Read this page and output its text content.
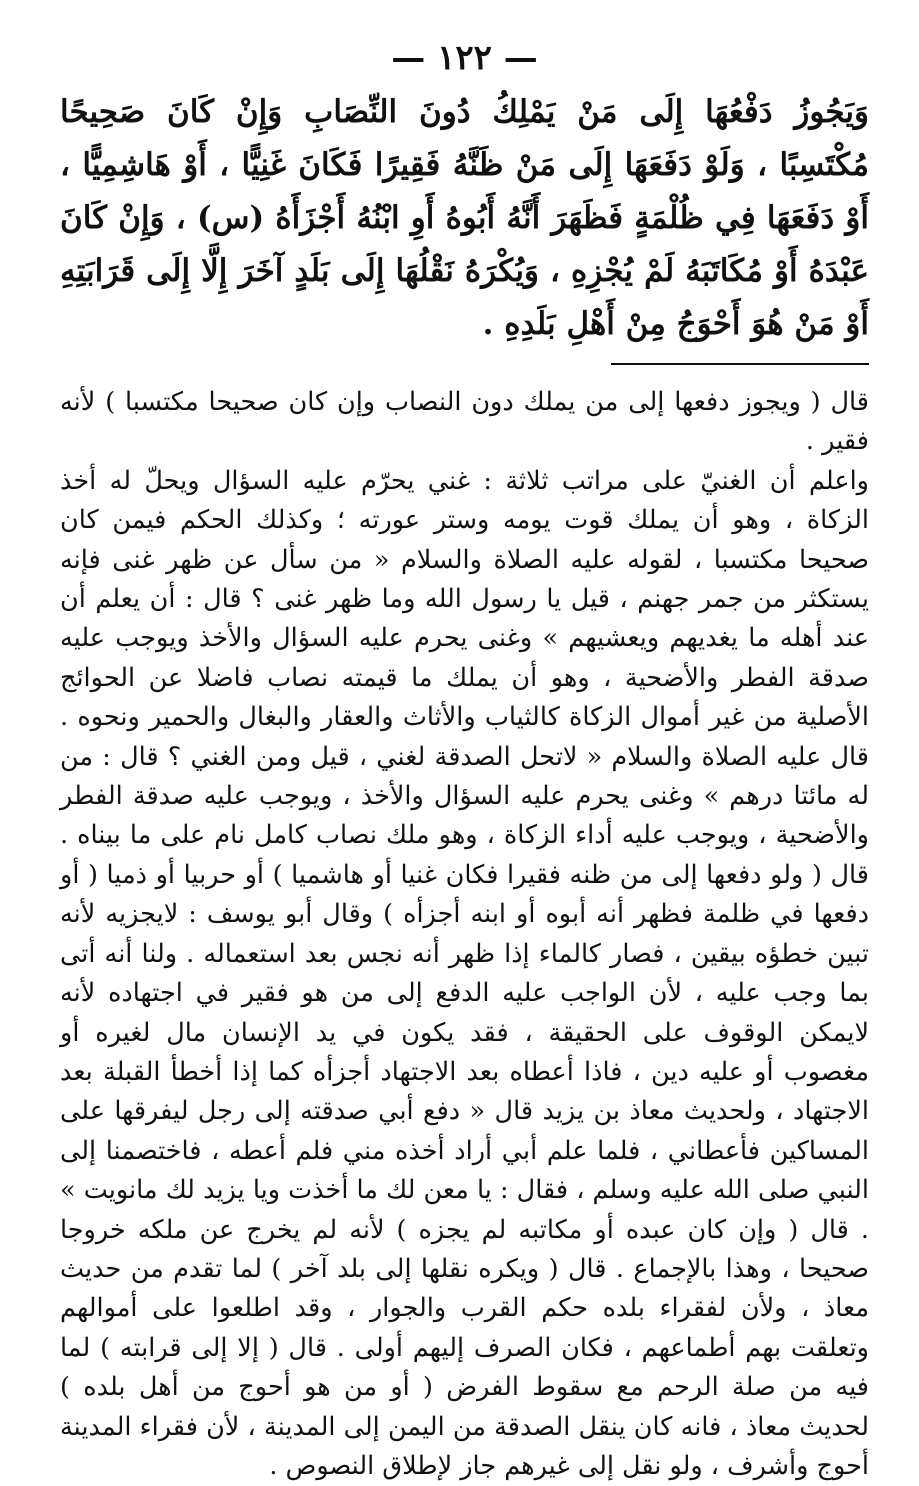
— ١٢٢ —

وَيَجُوزُ دَفْعُهَا إِلَى مَنْ يَمْلِكُ دُونَ النِّصَابِ وَإِنْ كَانَ صَحِيحًا مُكْتَسِبًا ، وَلَوْ دَفَعَهَا إِلَى مَنْ ظَنَّهُ فَقِيرًا فَكَانَ غَنِيًّا ، أَوْ هَاشِمِيًّا ، أَوْ دَفَعَهَا فِي ظُلْمَةٍ فَظَهَرَ أَنَّهُ أَبُوهُ أَوِ ابْنُهُ أَجْزَأَهُ (س) ، وَإِنْ كَانَ عَبْدَهُ أَوْ مُكَاتَبَهُ لَمْ يُجْزِهِ ، وَيُكْرَهُ نَقْلُهَا إِلَى بَلَدٍ آخَرَ إِلَّا إِلَى قَرَابَتِهِ أَوْ مَنْ هُوَ أَحْوَجُ مِنْ أَهْلِ بَلَدِهِ .

قال ( ويجوز دفعها إلى من يملك دون النصاب وإن كان صحيحا مكتسبا ) لأنه فقير .

واعلم أن الغنيّ على مراتب ثلاثة : غني يحرّم عليه السؤال ويحلّ له أخذ الزكاة ، وهو أن يملك قوت يومه وستر عورته ؛ وكذلك الحكم فيمن كان صحيحا مكتسبا ، لقوله عليه الصلاة والسلام « من سأل عن ظهر غنى فإنه يستكثر من جمر جهنم ، قيل يا رسول الله وما ظهر غنى ؟ قال : أن يعلم أن عند أهله ما يغديهم ويعشيهم » وغنى يحرم عليه السؤال والأخذ ويوجب عليه صدقة الفطر والأضحية ، وهو أن يملك ما قيمته نصاب فاضلا عن الحوائج الأصلية من غير أموال الزكاة كالثياب والأثاث والعقار والبغال والحمير ونحوه . قال عليه الصلاة والسلام « لاتحل الصدقة لغني ، قيل ومن الغني ؟ قال : من له مائتا درهم » وغنى يحرم عليه السؤال والأخذ ، ويوجب عليه صدقة الفطر والأضحية ، ويوجب عليه أداء الزكاة ، وهو ملك نصاب كامل نام على ما بيناه . قال ( ولو دفعها إلى من ظنه فقيرا فكان غنيا أو هاشميا ) أو حربيا أو ذميا ( أو دفعها في ظلمة فظهر أنه أبوه أو ابنه أجزأه ) وقال أبو يوسف : لايجزيه لأنه تبين خطؤه بيقين ، فصار كالماء إذا ظهر أنه نجس بعد استعماله . ولنا أنه أتى بما وجب عليه ، لأن الواجب عليه الدفع إلى من هو فقير في اجتهاده لأنه لايمكن الوقوف على الحقيقة ، فقد يكون في يد الإنسان مال لغيره أو مغصوب أو عليه دين ، فاذا أعطاه بعد الاجتهاد أجزأه كما إذا أخطأ القبلة بعد الاجتهاد ، ولحديث معاذ بن يزيد قال « دفع أبي صدقته إلى رجل ليفرقها على المساكين فأعطاني ، فلما علم أبي أراد أخذه مني فلم أعطه ، فاختصمنا إلى النبي صلى الله عليه وسلم ، فقال : يا معن لك ما أخذت ويا يزيد لك مانويت » . قال ( وإن كان عبده أو مكاتبه لم يجزه ) لأنه لم يخرج عن ملكه خروجا صحيحا ، وهذا بالإجماع . قال ( ويكره نقلها إلى بلد آخر ) لما تقدم من حديث معاذ ، ولأن لفقراء بلده حكم القرب والجوار ، وقد اطلعوا على أموالهم وتعلقت بهم أطماعهم ، فكان الصرف إليهم أولى . قال ( إلا إلى قرابته ) لما فيه من صلة الرحم مع سقوط الفرض ( أو من هو أحوج من أهل بلده ) لحديث معاذ ، فانه كان ينقل الصدقة من اليمن إلى المدينة ، لأن فقراء المدينة أحوج وأشرف ، ولو نقل إلى غيرهم جاز لإطلاق النصوص .
